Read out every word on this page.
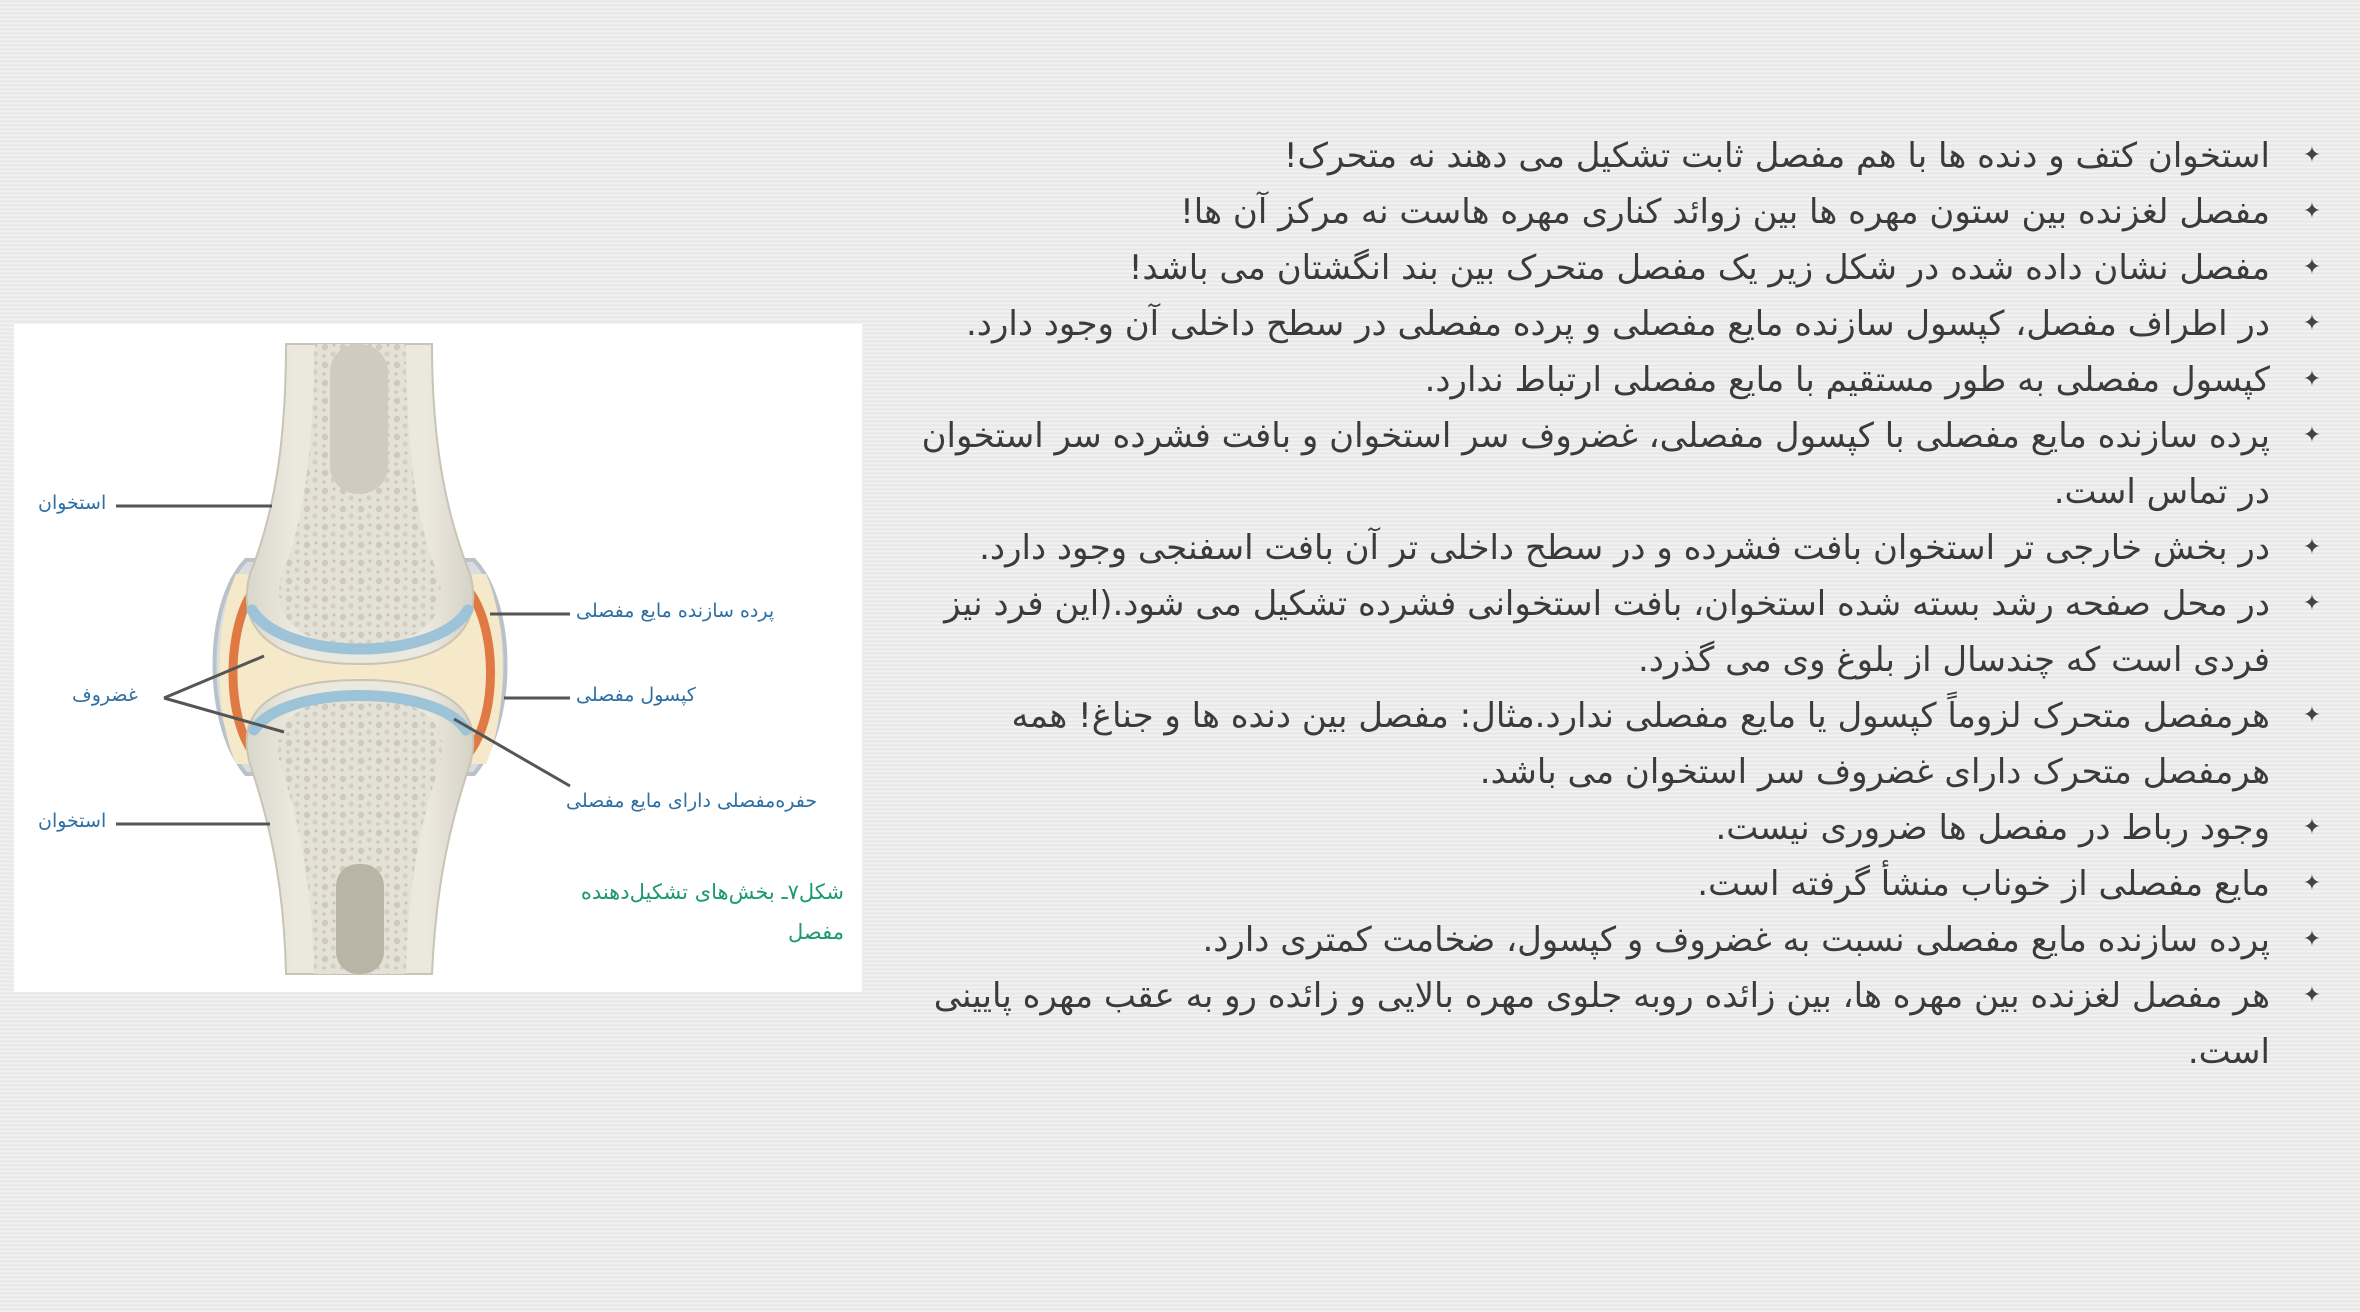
✦
استخوان کتف و دنده ها با هم مفصل ثابت تشکیل می دهند نه متحرک!
✦
مفصل لغزنده بین ستون مهره ها بین زوائد کناری مهره هاست نه مرکز آن ها!
✦
مفصل نشان داده شده در شکل زیر یک مفصل متحرک بین بند انگشتان می باشد!
✦
در اطراف مفصل، کپسول سازنده مایع مفصلی و پرده مفصلی در سطح داخلی آن وجود دارد.
✦
کپسول مفصلی به طور مستقیم با مایع مفصلی ارتباط ندارد.
✦
پرده سازنده مایع مفصلی با کپسول مفصلی، غضروف سر استخوان و بافت فشرده سر استخوان در تماس است.
✦
در بخش خارجی تر استخوان بافت فشرده و در سطح داخلی تر آن بافت اسفنجی وجود دارد.
✦
در محل صفحه رشد بسته شده استخوان، بافت استخوانی فشرده تشکیل می شود.(این فرد نیز فردی است که چندسال از بلوغ وی می گذرد.
✦
هرمفصل متحرک لزوماً کپسول یا مایع مفصلی ندارد.مثال: مفصل بین دنده ها و جناغ! همه هرمفصل متحرک دارای غضروف سر استخوان می باشد.
✦
وجود رباط در مفصل ها ضروری نیست.
✦
مایع مفصلی از خوناب منشأ گرفته است.
✦
پرده سازنده مایع مفصلی نسبت به غضروف و کپسول، ضخامت کمتری دارد.
✦
هر مفصل لغزنده بین مهره ها، بین زائده روبه جلوی مهره بالایی و زائده رو به عقب مهره پایینی است.
استخوان
غضروف
استخوان
پرده سازنده مایع مفصلی
کپسول مفصلی
حفره‌مفصلی دارای مایع مفصلی
شکل۷ـ بخش‌های تشکیل‌دهنده
مفصل
